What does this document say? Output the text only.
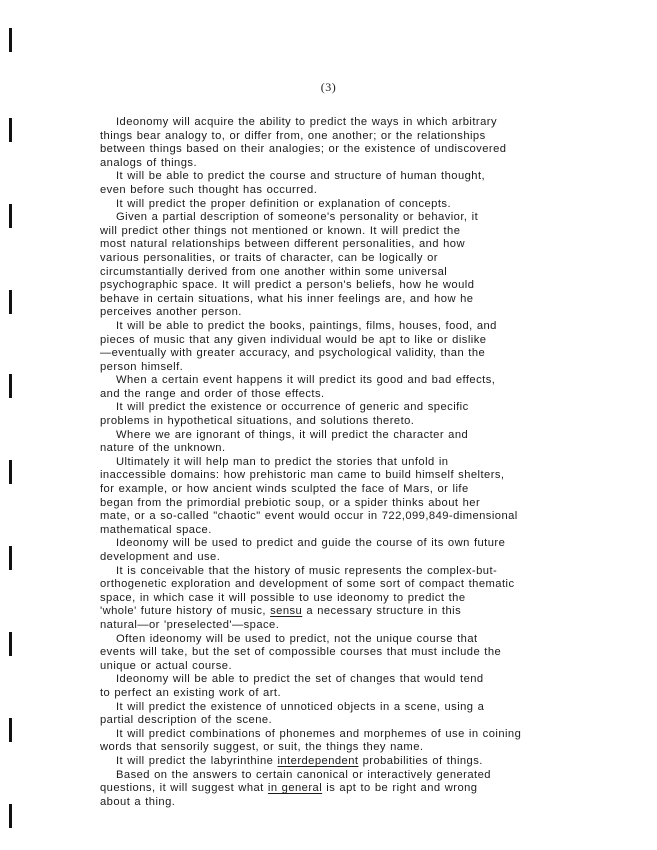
(3)
Ideonomy will acquire the ability to predict the ways in which arbitrary
things bear analogy to, or differ from, one another; or the relationships
between things based on their analogies; or the existence of undiscovered
analogs of things.
It will be able to predict the course and structure of human thought,
even before such thought has occurred.
It will predict the proper definition or explanation of concepts.
Given a partial description of someone's personality or behavior, it
will predict other things not mentioned or known. It will predict the
most natural relationships between different personalities, and how
various personalities, or traits of character, can be logically or
circumstantially derived from one another within some universal
psychographic space. It will predict a person's beliefs, how he would
behave in certain situations, what his inner feelings are, and how he
perceives another person.
It will be able to predict the books, paintings, films, houses, food, and
pieces of music that any given individual would be apt to like or dislike
—eventually with greater accuracy, and psychological validity, than the
person himself.
When a certain event happens it will predict its good and bad effects,
and the range and order of those effects.
It will predict the existence or occurrence of generic and specific
problems in hypothetical situations, and solutions thereto.
Where we are ignorant of things, it will predict the character and
nature of the unknown.
Ultimately it will help man to predict the stories that unfold in
inaccessible domains: how prehistoric man came to build himself shelters,
for example, or how ancient winds sculpted the face of Mars, or life
began from the primordial prebiotic soup, or a spider thinks about her
mate, or a so-called "chaotic" event would occur in 722,099,849-dimensional
mathematical space.
Ideonomy will be used to predict and guide the course of its own future
development and use.
It is conceivable that the history of music represents the complex-but-
orthogenetic exploration and development of some sort of compact thematic
space, in which case it will possible to use ideonomy to predict the
'whole' future history of music, sensu a necessary structure in this
natural—or 'preselected'—space.
Often ideonomy will be used to predict, not the unique course that
events will take, but the set of compossible courses that must include the
unique or actual course.
Ideonomy will be able to predict the set of changes that would tend
to perfect an existing work of art.
It will predict the existence of unnoticed objects in a scene, using a
partial description of the scene.
It will predict combinations of phonemes and morphemes of use in coining
words that sensorily suggest, or suit, the things they name.
It will predict the labyrinthine interdependent probabilities of things.
Based on the answers to certain canonical or interactively generated
questions, it will suggest what in general is apt to be right and wrong
about a thing.
